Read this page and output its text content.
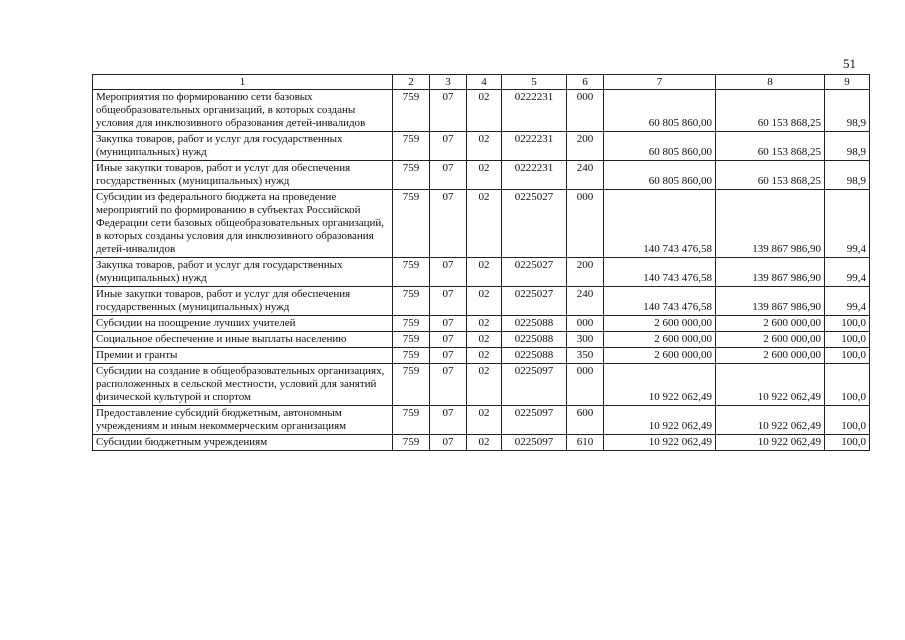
51
1	2	3	4	5	6	7	8	9
Мероприятия по формированию сети базовых общеобразовательных организаций, в которых созданы условия для инклюзивного образования детей-инвалидов	759	07	02	0222231	000	60 805 860,00	60 153 868,25	98,9
Закупка товаров, работ и услуг для государственных (муниципальных) нужд	759	07	02	0222231	200	60 805 860,00	60 153 868,25	98,9
Иные закупки товаров, работ и услуг для обеспечения государственных (муниципальных) нужд	759	07	02	0222231	240	60 805 860,00	60 153 868,25	98,9
Субсидии из федерального бюджета на проведение мероприятий по формированию в субъектах Российской Федерации сети базовых общеобразовательных организаций, в которых созданы условия для инклюзивного образования детей-инвалидов	759	07	02	0225027	000	140 743 476,58	139 867 986,90	99,4
Закупка товаров, работ и услуг для государственных (муниципальных) нужд	759	07	02	0225027	200	140 743 476,58	139 867 986,90	99,4
Иные закупки товаров, работ и услуг для обеспечения государственных (муниципальных) нужд	759	07	02	0225027	240	140 743 476,58	139 867 986,90	99,4
Субсидии на поощрение лучших учителей	759	07	02	0225088	000	2 600 000,00	2 600 000,00	100,0
Социальное обеспечение и иные выплаты населению	759	07	02	0225088	300	2 600 000,00	2 600 000,00	100,0
Премии и гранты	759	07	02	0225088	350	2 600 000,00	2 600 000,00	100,0
Субсидии на создание в общеобразовательных организациях, расположенных в сельской местности, условий для занятий физической культурой и спортом	759	07	02	0225097	000	10 922 062,49	10 922 062,49	100,0
Предоставление субсидий бюджетным, автономным учреждениям и иным некоммерческим организациям	759	07	02	0225097	600	10 922 062,49	10 922 062,49	100,0
Субсидии бюджетным учреждениям	759	07	02	0225097	610	10 922 062,49	10 922 062,49	100,0
